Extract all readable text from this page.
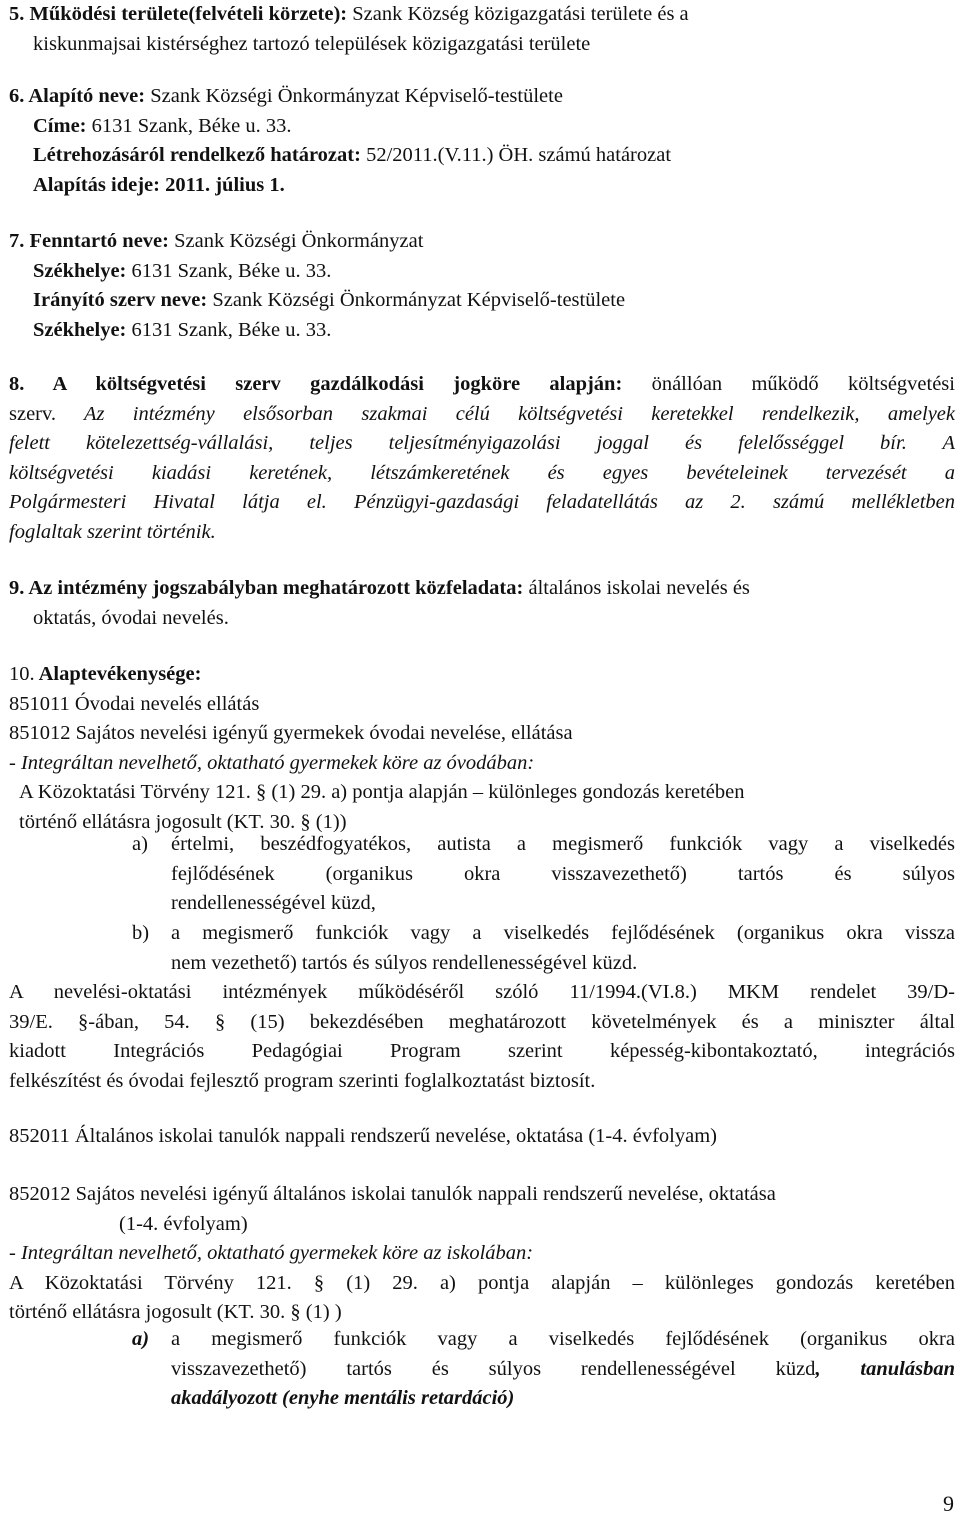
5. Működési területe(felvételi körzete): Szank Község közigazgatási területe és a
kiskunmajsai kistérséghez tartozó települések közigazgatási területe
6. Alapító neve: Szank Községi Önkormányzat Képviselő-testülete
Címe: 6131 Szank, Béke u. 33.
Létrehozásáról rendelkező határozat: 52/2011.(V.11.) ÖH. számú határozat
Alapítás ideje: 2011. július 1.
7. Fenntartó neve: Szank Községi Önkormányzat
Székhelye: 6131 Szank, Béke u. 33.
Irányító szerv neve: Szank Községi Önkormányzat Képviselő-testülete
Székhelye: 6131 Szank, Béke u. 33.
8. A költségvetési szerv gazdálkodási jogköre alapján: önállóan működő költségvetési
szerv. Az intézmény elsősorban szakmai célú költségvetési keretekkel rendelkezik, amelyek
felett kötelezettség-vállalási, teljes teljesítményigazolási joggal és felelősséggel bír. A
költségvetési kiadási keretének, létszámkeretének és egyes bevételeinek tervezését a
Polgármesteri Hivatal látja el. Pénzügyi-gazdasági feladatellátás az 2. számú mellékletben
foglaltak szerint történik.
9. Az intézmény jogszabályban meghatározott közfeladata: általános iskolai nevelés és
oktatás, óvodai nevelés.
10. Alaptevékenysége:
851011 Óvodai nevelés ellátás
851012 Sajátos nevelési igényű gyermekek óvodai nevelése, ellátása
- Integráltan nevelhető, oktatható gyermekek köre az óvodában:
A Közoktatási Törvény 121. § (1) 29. a) pontja alapján – különleges gondozás keretében
történő ellátásra jogosult (KT. 30. § (1))
a) értelmi, beszédfogyatékos, autista a megismerő funkciók vagy a viselkedés
fejlődésének (organikus okra visszavezethető) tartós és súlyos
rendellenességével küzd,
b) a megismerő funkciók vagy a viselkedés fejlődésének (organikus okra vissza
nem vezethető) tartós és súlyos rendellenességével küzd.
A nevelési-oktatási intézmények működéséről szóló 11/1994.(VI.8.) MKM rendelet 39/D-
39/E. §-ában, 54. § (15) bekezdésében meghatározott követelmények és a miniszter által
kiadott Integrációs Pedagógiai Program szerint képesség-kibontakoztató, integrációs
felkészítést és óvodai fejlesztő program szerinti foglalkoztatást biztosít.
852011 Általános iskolai tanulók nappali rendszerű nevelése, oktatása (1-4. évfolyam)
852012 Sajátos nevelési igényű általános iskolai tanulók nappali rendszerű nevelése, oktatása
(1-4. évfolyam)
- Integráltan nevelhető, oktatható gyermekek köre az iskolában:
A Közoktatási Törvény 121. § (1) 29. a) pontja alapján – különleges gondozás keretében
történő ellátásra jogosult (KT. 30. § (1) )
a) a megismerő funkciók vagy a viselkedés fejlődésének (organikus okra
visszavezethető) tartós és súlyos rendellenességével küzd, tanulásban
akadályozott (enyhe mentális retardáció)
9
